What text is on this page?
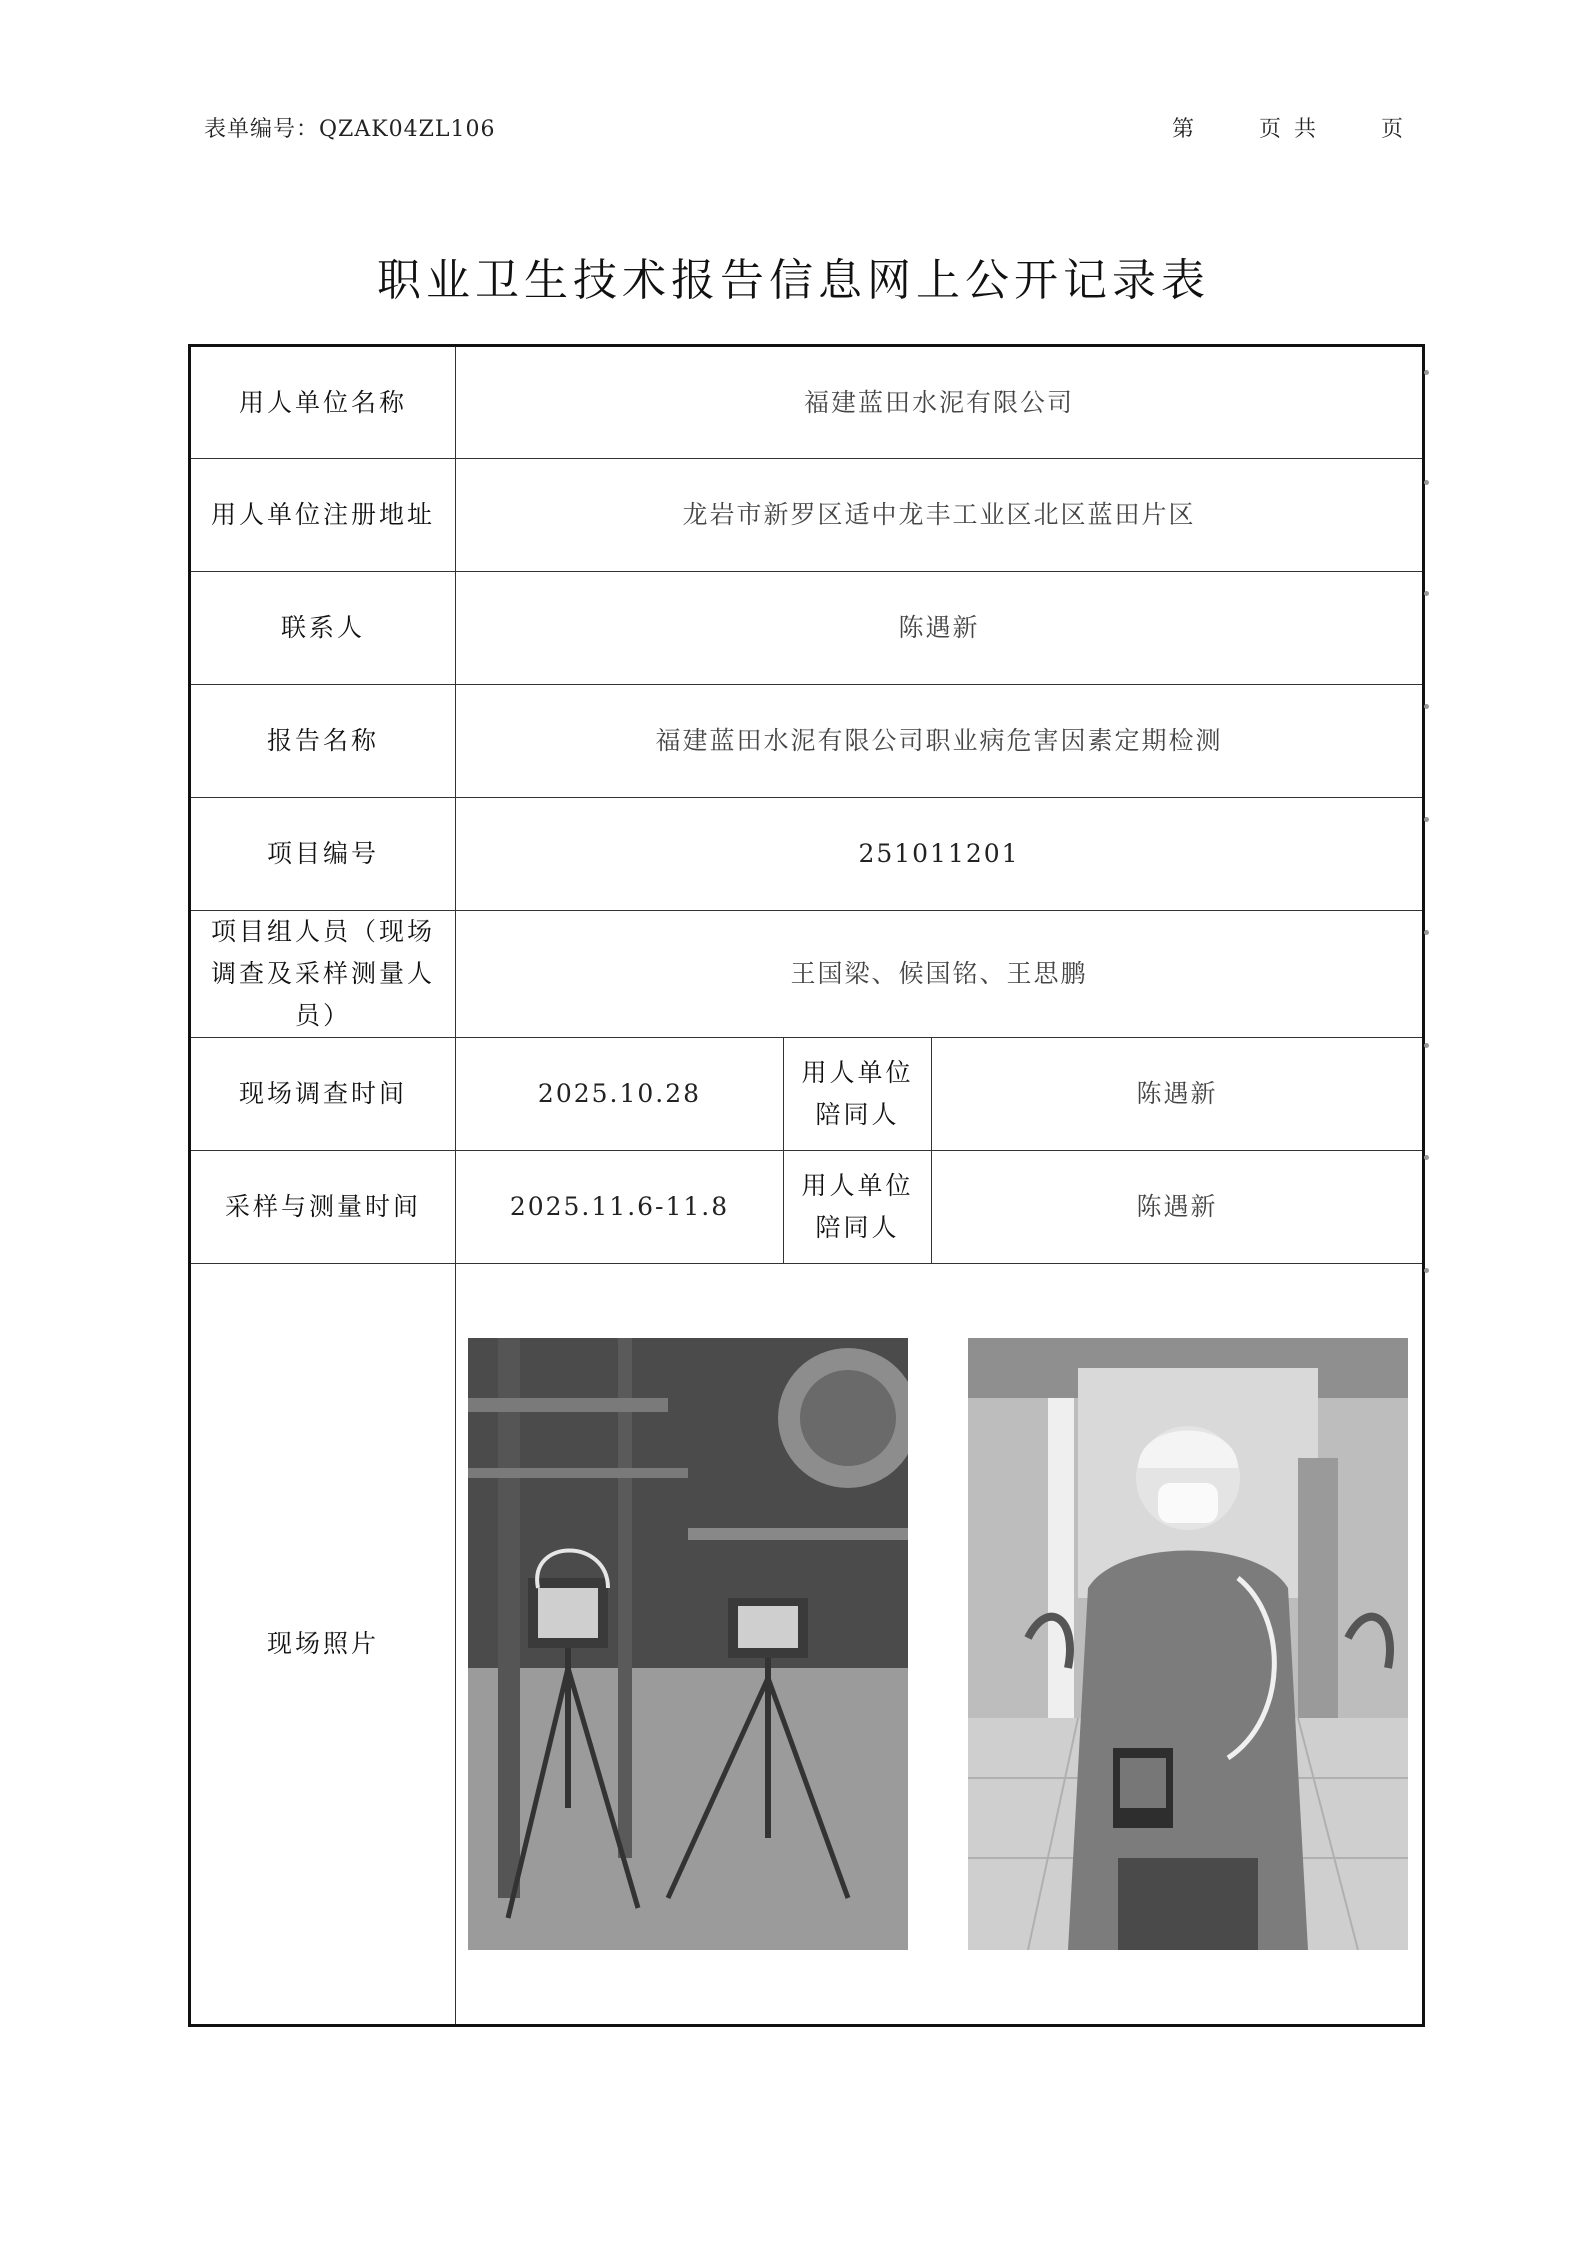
表单编号：QZAK04ZL106	第	页 共	页
职业卫生技术报告信息网上公开记录表
用人单位名称	福建蓝田水泥有限公司		
用人单位注册地址	龙岩市新罗区适中龙丰工业区北区蓝田片区		
联系人	陈遇新		
报告名称	福建蓝田水泥有限公司职业病危害因素定期检测		
项目编号	251011201		
项目组人员（现场调查及采样测量人员）	王国梁、候国铭、王思鹏		
现场调查时间	2025.10.28	用人单位陪同人	陈遇新
采样与测量时间	2025.11.6-11.8	用人单位陪同人	陈遇新
现场照片	
